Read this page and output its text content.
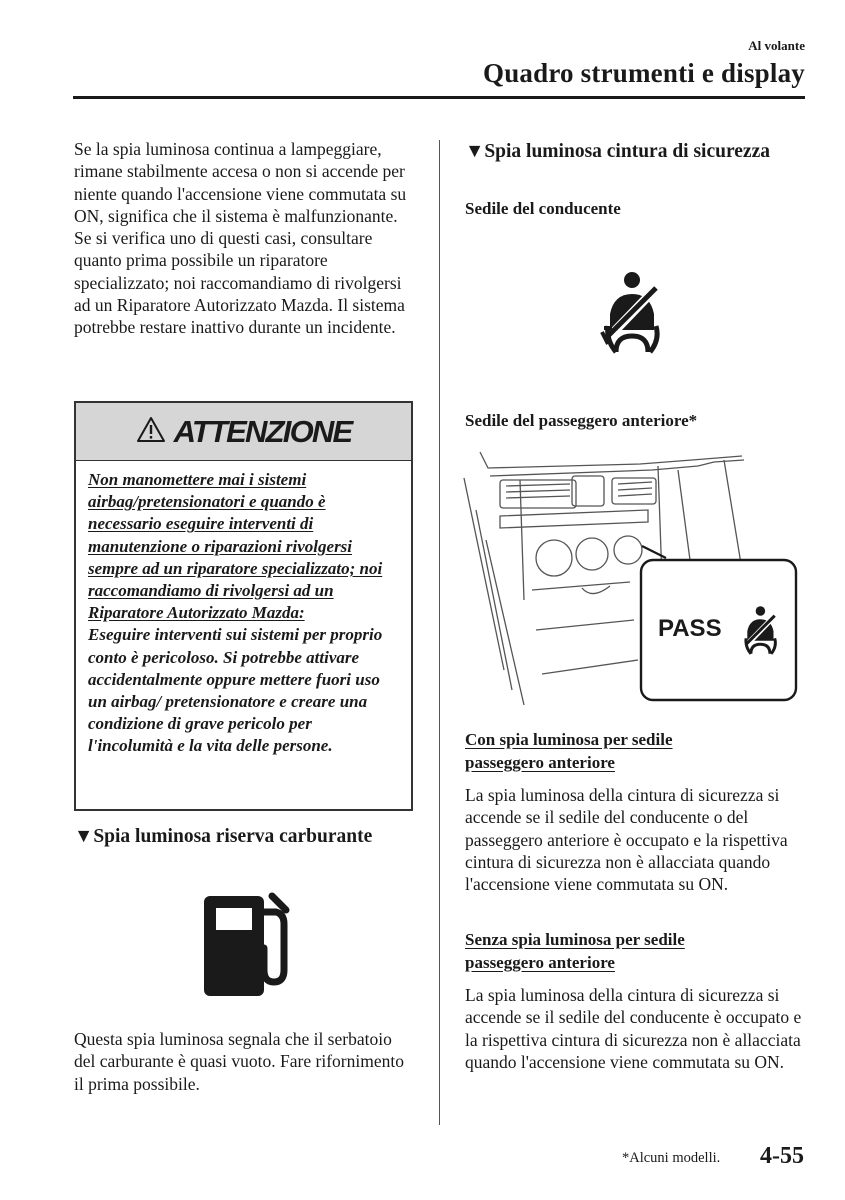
Al volante
Quadro strumenti e display
Se la spia luminosa continua a lampeggiare, rimane stabilmente accesa o non si accende per niente quando l'accensione viene commutata su ON, significa che il sistema è malfunzionante. Se si verifica uno di questi casi, consultare quanto prima possibile un riparatore specializzato; noi raccomandiamo di rivolgersi ad un Riparatore Autorizzato Mazda. Il sistema potrebbe restare inattivo durante un incidente.
ATTENZIONE
Non manomettere mai i sistemi airbag/pretensionatori e quando è necessario eseguire interventi di manutenzione o riparazioni rivolgersi sempre ad un riparatore specializzato; noi raccomandiamo di rivolgersi ad un Riparatore Autorizzato Mazda:
Eseguire interventi sui sistemi per proprio conto è pericoloso. Si potrebbe attivare accidentalmente oppure mettere fuori uso un airbag/ pretensionatore e creare una condizione di grave pericolo per l'incolumità e la vita delle persone.
▼Spia luminosa riserva carburante
Questa spia luminosa segnala che il serbatoio del carburante è quasi vuoto. Fare rifornimento il prima possibile.
▼Spia luminosa cintura di sicurezza
Sedile del conducente
Sedile del passeggero anteriore*
PASS
Con spia luminosa per sedile passeggero anteriore
La spia luminosa della cintura di sicurezza si accende se il sedile del conducente o del passeggero anteriore è occupato e la rispettiva cintura di sicurezza non è allacciata quando l'accensione viene commutata su ON.
Senza spia luminosa per sedile passeggero anteriore
La spia luminosa della cintura di sicurezza si accende se il sedile del conducente è occupato e la rispettiva cintura di sicurezza non è allacciata quando l'accensione viene commutata su ON.
*Alcuni modelli. 4-55
